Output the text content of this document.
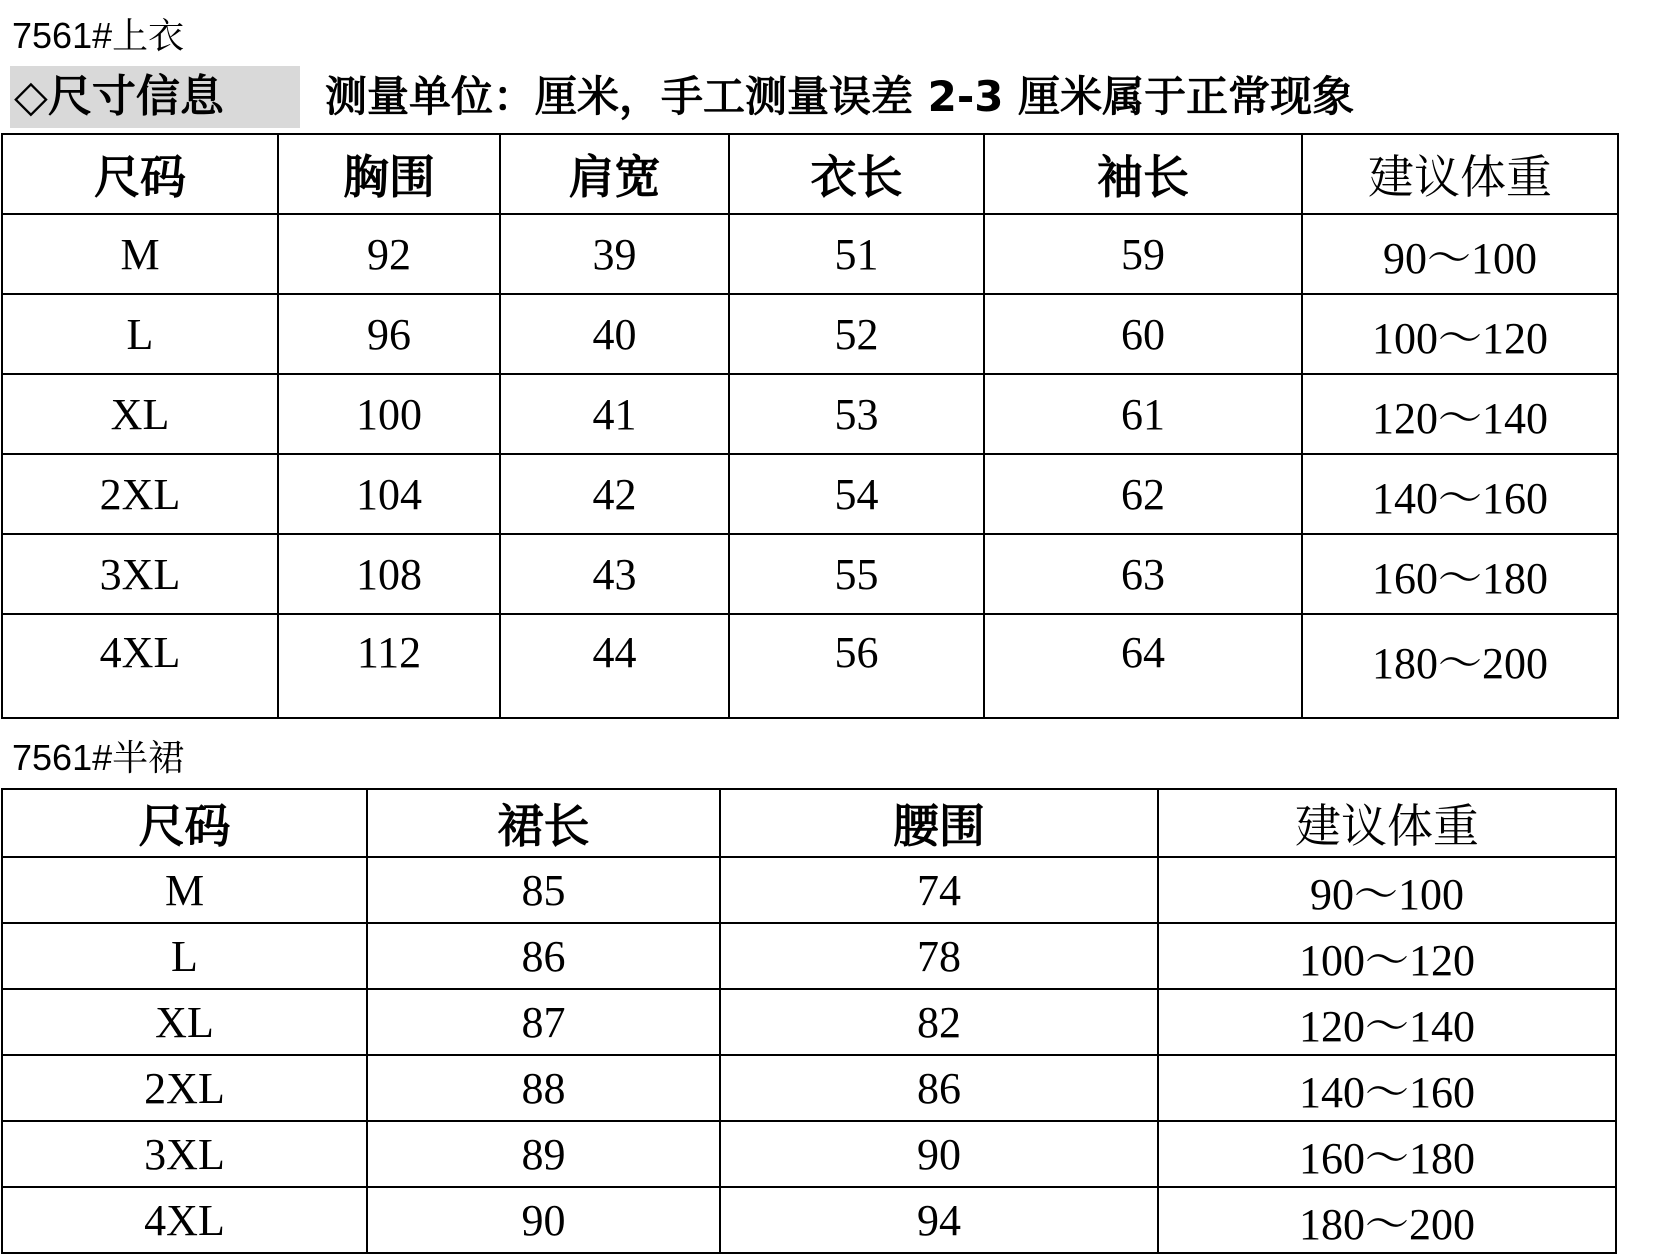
7561#上衣
◇尺寸信息	测量单位：厘米，手工测量误差 2-3 厘米属于正常现象
尺码	胸围	肩宽	衣长	袖长	建议体重
M	92	39	51	59	90～100
L	96	40	52	60	100～120
XL	100	41	53	61	120～140
2XL	104	42	54	62	140～160
3XL	108	43	55	63	160～180
4XL	112	44	56	64	180～200
7561#半裙
尺码	裙长	腰围	建议体重
M	85	74	90～100
L	86	78	100～120
XL	87	82	120～140
2XL	88	86	140～160
3XL	89	90	160～180
4XL	90	94	180～200
